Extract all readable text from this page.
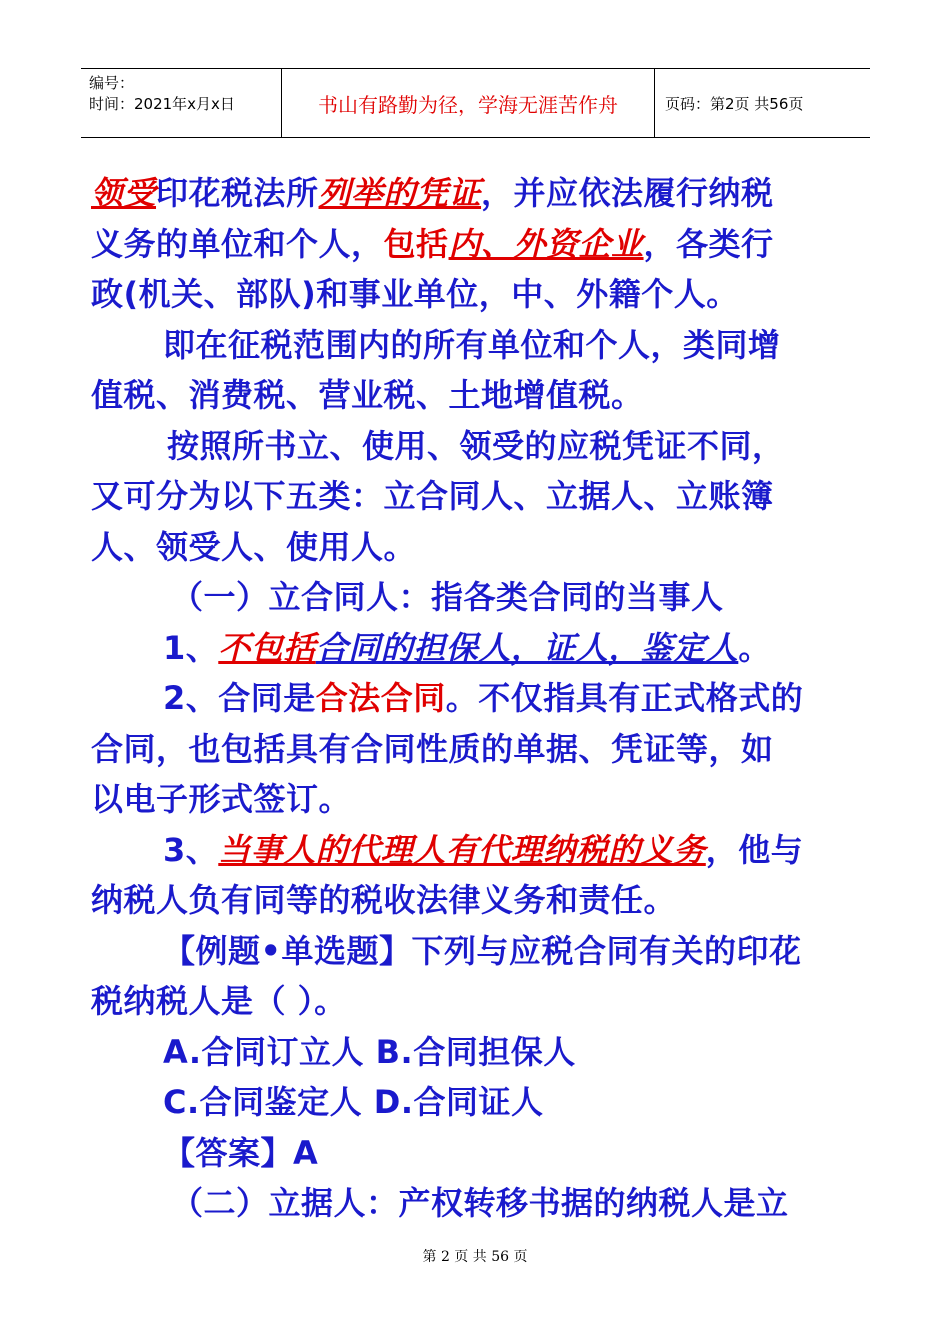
编号：
时间：2021年x月x日	书山有路勤为径，学海无涯苦作舟	页码：第2页 共56页
领受印花税法所列举的凭证，并应依法履行纳税
义务的单位和个人，包括内、外资企业，各类行
政(机关、部队)和事业单位，中、外籍个人。
即在征税范围内的所有单位和个人，类同增
值税、消费税、营业税、土地增值税。
按照所书立、使用、领受的应税凭证不同，
又可分为以下五类：立合同人、立据人、立账簿
人、领受人、使用人。
（一）立合同人：指各类合同的当事人
1、不包括合同的担保人，证人，鉴定人。
2、合同是合法合同。不仅指具有正式格式的
合同，也包括具有合同性质的单据、凭证等，如
以电子形式签订。
3、当事人的代理人有代理纳税的义务，他与
纳税人负有同等的税收法律义务和责任。
【例题•单选题】下列与应税合同有关的印花
税纳税人是（ ）。
A.合同订立人 B.合同担保人
C.合同鉴定人 D.合同证人
【答案】A
（二）立据人：产权转移书据的纳税人是立
第 2 页 共 56 页
